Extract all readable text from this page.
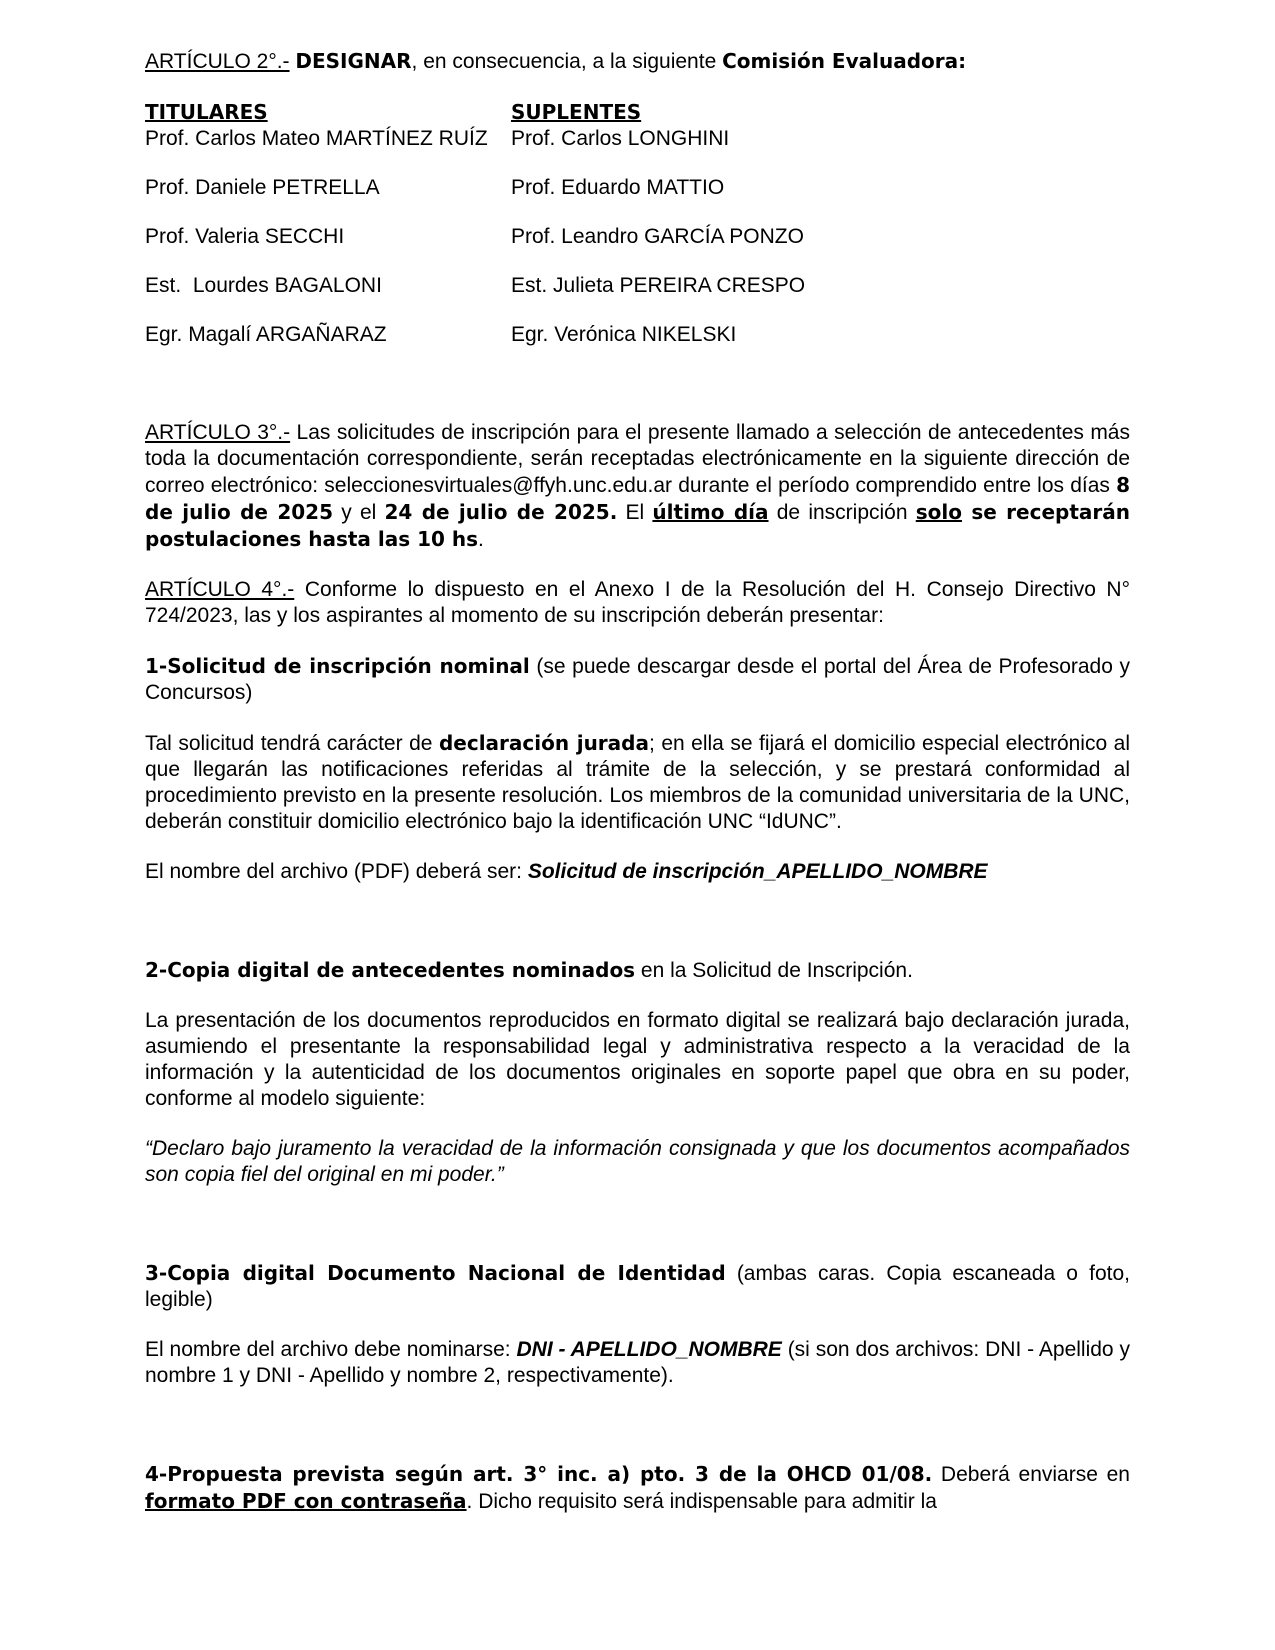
ARTÍCULO 2°.- DESIGNAR, en consecuencia, a la siguiente Comisión Evaluadora:

TITULARES	SUPLENTES
Prof. Carlos Mateo MARTÍNEZ RUÍZ	Prof. Carlos LONGHINI
Prof. Daniele PETRELLA	Prof. Eduardo MATTIO
Prof. Valeria SECCHI	Prof. Leandro GARCÍA PONZO
Est.  Lourdes BAGALONI	Est. Julieta PEREIRA CRESPO
Egr. Magalí ARGAÑARAZ	Egr. Verónica NIKELSKI

ARTÍCULO 3°.- Las solicitudes de inscripción para el presente llamado a selección de antecedentes más toda la documentación correspondiente, serán receptadas electrónicamente en la siguiente dirección de correo electrónico: seleccionesvirtuales@ffyh.unc.edu.ar durante el período comprendido entre los días 8 de julio de 2025 y el 24 de julio de 2025. El último día de inscripción solo se receptarán postulaciones hasta las 10 hs.

ARTÍCULO 4°.- Conforme lo dispuesto en el Anexo I de la Resolución del H. Consejo Directivo N° 724/2023, las y los aspirantes al momento de su inscripción deberán presentar:

1-Solicitud de inscripción nominal (se puede descargar desde el portal del Área de Profesorado y Concursos)

Tal solicitud tendrá carácter de declaración jurada; en ella se fijará el domicilio especial electrónico al que llegarán las notificaciones referidas al trámite de la selección, y se prestará conformidad al procedimiento previsto en la presente resolución. Los miembros de la comunidad universitaria de la UNC, deberán constituir domicilio electrónico bajo la identificación UNC “IdUNC”.

El nombre del archivo (PDF) deberá ser: Solicitud de inscripción_APELLIDO_NOMBRE

2-Copia digital de antecedentes nominados en la Solicitud de Inscripción.

La presentación de los documentos reproducidos en formato digital se realizará bajo declaración jurada, asumiendo el presentante la responsabilidad legal y administrativa respecto a la veracidad de la información y la autenticidad de los documentos originales en soporte papel que obra en su poder, conforme al modelo siguiente:

“Declaro bajo juramento la veracidad de la información consignada y que los documentos acompañados son copia fiel del original en mi poder.”

3-Copia digital Documento Nacional de Identidad (ambas caras. Copia escaneada o foto, legible)

El nombre del archivo debe nominarse: DNI - APELLIDO_NOMBRE (si son dos archivos: DNI - Apellido y nombre 1 y DNI - Apellido y nombre 2, respectivamente).

4-Propuesta prevista según art. 3° inc. a) pto. 3 de la OHCD 01/08. Deberá enviarse en formato PDF con contraseña. Dicho requisito será indispensable para admitir la
